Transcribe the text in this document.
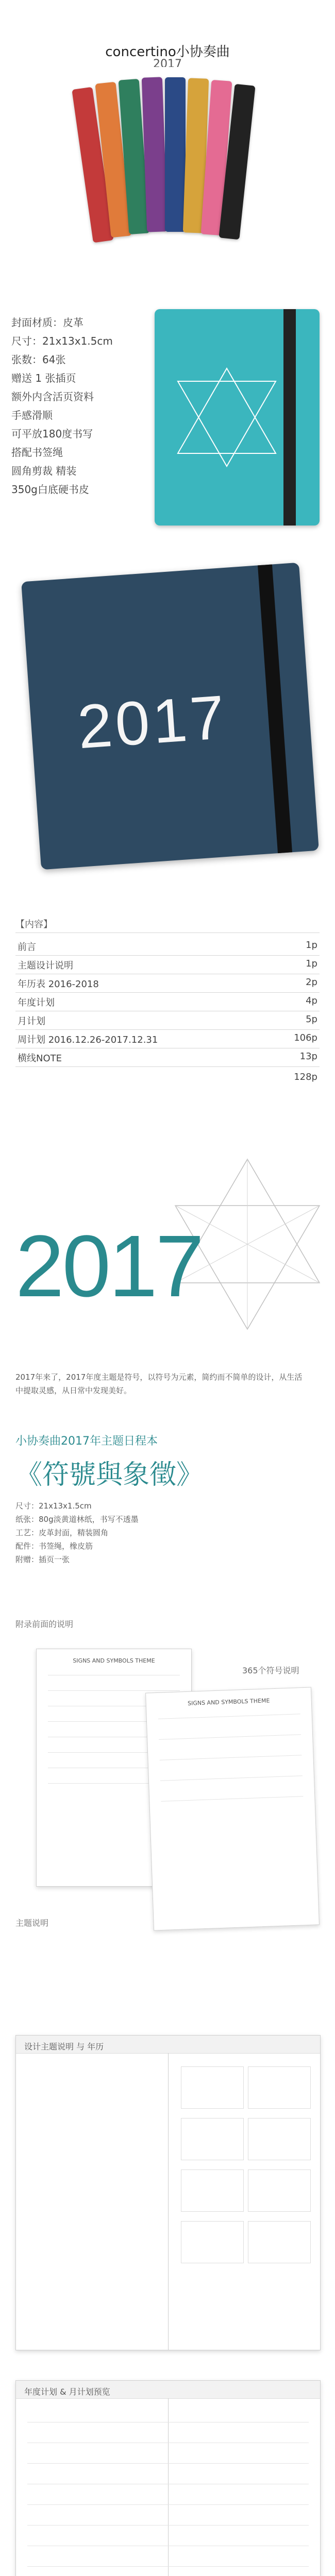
concertino小协奏曲
2017
封面材质：皮革
尺寸：21x13x1.5cm
张数：64张
赠送 1 张插页
额外内含活页资料
手感滑顺
可平放180度书写
搭配书签绳
圆角剪裁 精装
350g白底硬书皮
2017
【内容】
前言	1p
主题设计说明	1p
年历表 2016-2018	2p
年度计划	4p
月计划	5p
周计划 2016.12.26-2017.12.31	106p
横线NOTE	13p
128p
2017
2017年来了，2017年度主题是符号，以符号为元素，简约而不简单的设计，从生活中提取灵感，从日常中发现美好。
小协奏曲2017年主题日程本
《符號與象徵》
尺寸：21x13x1.5cm
纸张：80g淡黄道林纸，书写不透墨
工艺：皮革封面，精装圆角
配件：书签绳，橡皮筋
附赠：插页一张
附录前面的说明
365个符号说明
主题说明
SIGNS AND SYMBOLS THEME
SIGNS AND SYMBOLS THEME
设计主题说明 与 年历
年度计划 & 月计划预览
